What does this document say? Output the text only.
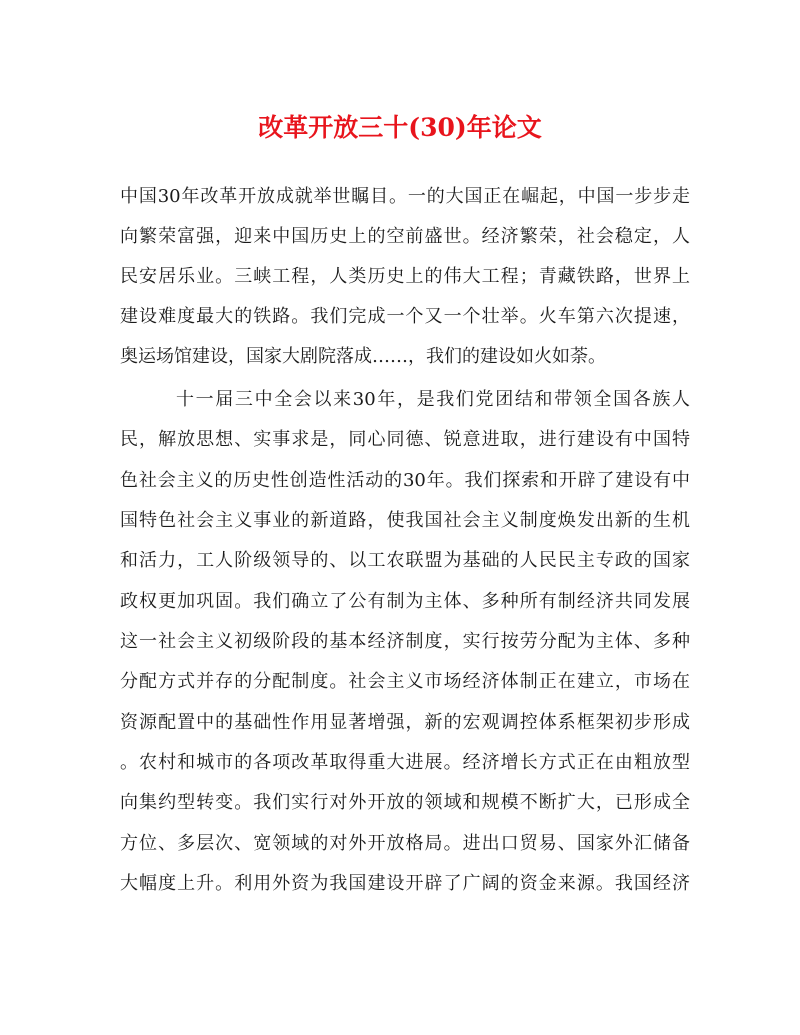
改革开放三十(30)年论文
中国30年改革开放成就举世瞩目。一的大国正在崛起，中国一步步走
向繁荣富强，迎来中国历史上的空前盛世。经济繁荣，社会稳定，人
民安居乐业。三峡工程，人类历史上的伟大工程；青藏铁路，世界上
建设难度最大的铁路。我们完成一个又一个壮举。火车第六次提速，
奥运场馆建设，国家大剧院落成……，我们的建设如火如荼。
十一届三中全会以来30年，是我们党团结和带领全国各族人
民，解放思想、实事求是，同心同德、锐意进取，进行建设有中国特
色社会主义的历史性创造性活动的30年。我们探索和开辟了建设有中
国特色社会主义事业的新道路，使我国社会主义制度焕发出新的生机
和活力，工人阶级领导的、以工农联盟为基础的人民民主专政的国家
政权更加巩固。我们确立了公有制为主体、多种所有制经济共同发展
这一社会主义初级阶段的基本经济制度，实行按劳分配为主体、多种
分配方式并存的分配制度。社会主义市场经济体制正在建立，市场在
资源配置中的基础性作用显著增强，新的宏观调控体系框架初步形成
。农村和城市的各项改革取得重大进展。经济增长方式正在由粗放型
向集约型转变。我们实行对外开放的领域和规模不断扩大，已形成全
方位、多层次、宽领域的对外开放格局。进出口贸易、国家外汇储备
大幅度上升。利用外资为我国建设开辟了广阔的资金来源。我国经济
